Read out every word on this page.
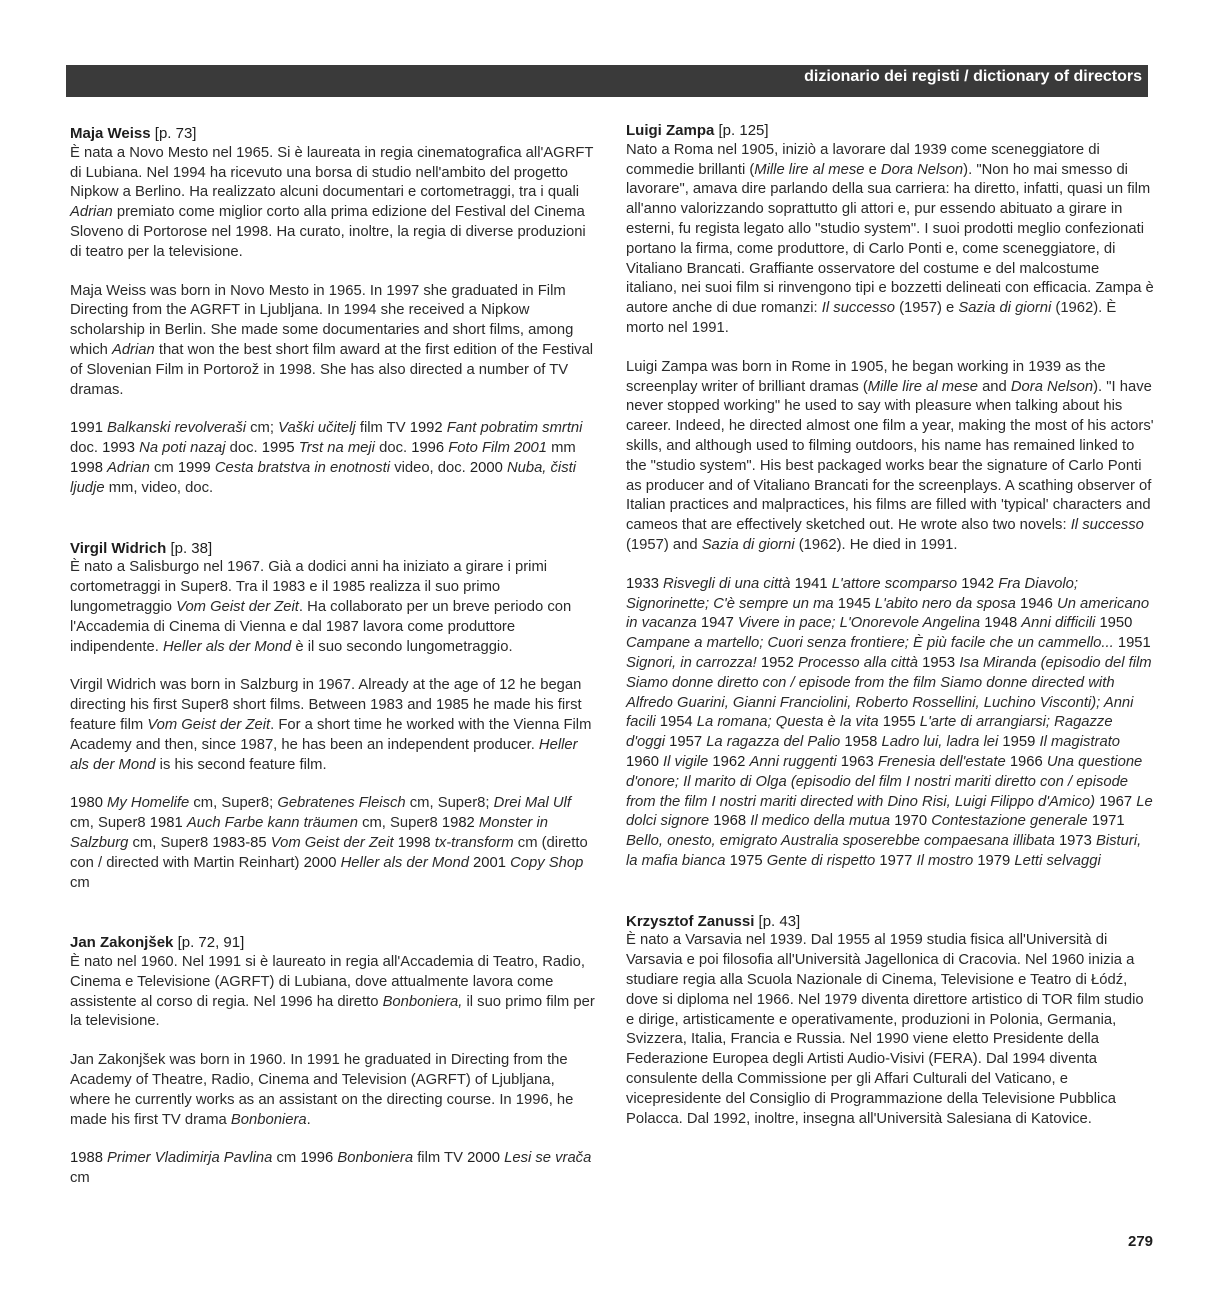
dizionario dei registi / dictionary of directors

Maja Weiss [p. 73]

È nata a Novo Mesto nel 1965. Si è laureata in regia cinematografica all'AGRFT di Lubiana. Nel 1994 ha ricevuto una borsa di studio nell'ambito del progetto Nipkow a Berlino. Ha realizzato alcuni documentari e cortometraggi, tra i quali Adrian premiato come miglior corto alla prima edizione del Festival del Cinema Sloveno di Portorose nel 1998. Ha curato, inoltre, la regia di diverse produzioni di teatro per la televisione.

Maja Weiss was born in Novo Mesto in 1965. In 1997 she graduated in Film Directing from the AGRFT in Ljubljana. In 1994 she received a Nipkow scholarship in Berlin. She made some documentaries and short films, among which Adrian that won the best short film award at the first edition of the Festival of Slovenian Film in Portorož in 1998. She has also directed a number of TV dramas.

1991 Balkanski revolveraši cm; Vaški učitelj film TV 1992 Fant pobratim smrtni doc. 1993 Na poti nazaj doc. 1995 Trst na meji doc. 1996 Foto Film 2001 mm 1998 Adrian cm 1999 Cesta bratstva in enotnosti video, doc. 2000 Nuba, čisti ljudje mm, video, doc.

Virgil Widrich [p. 38]

È nato a Salisburgo nel 1967. Già a dodici anni ha iniziato a girare i primi cortometraggi in Super8. Tra il 1983 e il 1985 realizza il suo primo lungometraggio Vom Geist der Zeit. Ha collaborato per un breve periodo con l'Accademia di Cinema di Vienna e dal 1987 lavora come produttore indipendente. Heller als der Mond è il suo secondo lungometraggio.

Virgil Widrich was born in Salzburg in 1967. Already at the age of 12 he began directing his first Super8 short films. Between 1983 and 1985 he made his first feature film Vom Geist der Zeit. For a short time he worked with the Vienna Film Academy and then, since 1987, he has been an independent producer. Heller als der Mond is his second feature film.

1980 My Homelife cm, Super8; Gebratenes Fleisch cm, Super8; Drei Mal Ulf cm, Super8 1981 Auch Farbe kann träumen cm, Super8 1982 Monster in Salzburg cm, Super8 1983-85 Vom Geist der Zeit 1998 tx-transform cm (diretto con / directed with Martin Reinhart) 2000 Heller als der Mond 2001 Copy Shop cm

Jan Zakonjšek [p. 72, 91]

È nato nel 1960. Nel 1991 si è laureato in regia all'Accademia di Teatro, Radio, Cinema e Televisione (AGRFT) di Lubiana, dove attualmente lavora come assistente al corso di regia. Nel 1996 ha diretto Bonboniera, il suo primo film per la televisione.

Jan Zakonjšek was born in 1960. In 1991 he graduated in Directing from the Academy of Theatre, Radio, Cinema and Television (AGRFT) of Ljubljana, where he currently works as an assistant on the directing course. In 1996, he made his first TV drama Bonboniera.

1988 Primer Vladimirja Pavlina cm 1996 Bonboniera film TV 2000 Lesi se vrača cm

Luigi Zampa [p. 125]

Nato a Roma nel 1905, iniziò a lavorare dal 1939 come sceneggiatore di commedie brillanti (Mille lire al mese e Dora Nelson). "Non ho mai smesso di lavorare", amava dire parlando della sua carriera: ha diretto, infatti, quasi un film all'anno valorizzando soprattutto gli attori e, pur essendo abituato a girare in esterni, fu regista legato allo "studio system". I suoi prodotti meglio confezionati portano la firma, come produttore, di Carlo Ponti e, come sceneggiatore, di Vitaliano Brancati. Graffiante osservatore del costume e del malcostume italiano, nei suoi film si rinvengono tipi e bozzetti delineati con efficacia. Zampa è autore anche di due romanzi: Il successo (1957) e Sazia di giorni (1962). È morto nel 1991.

Luigi Zampa was born in Rome in 1905, he began working in 1939 as the screenplay writer of brilliant dramas (Mille lire al mese and Dora Nelson). "I have never stopped working" he used to say with pleasure when talking about his career. Indeed, he directed almost one film a year, making the most of his actors' skills, and although used to filming outdoors, his name has remained linked to the "studio system". His best packaged works bear the signature of Carlo Ponti as producer and of Vitaliano Brancati for the screenplays. A scathing observer of Italian practices and malpractices, his films are filled with 'typical' characters and cameos that are effectively sketched out. He wrote also two novels: Il successo (1957) and Sazia di giorni (1962). He died in 1991.

1933 Risvegli di una città 1941 L'attore scomparso 1942 Fra Diavolo; Signorinette; C'è sempre un ma 1945 L'abito nero da sposa 1946 Un americano in vacanza 1947 Vivere in pace; L'Onorevole Angelina 1948 Anni difficili 1950 Campane a martello; Cuori senza frontiere; È più facile che un cammello... 1951 Signori, in carrozza! 1952 Processo alla città 1953 Isa Miranda (episodio del film Siamo donne diretto con / episode from the film Siamo donne directed with Alfredo Guarini, Gianni Franciolini, Roberto Rossellini, Luchino Visconti); Anni facili 1954 La romana; Questa è la vita 1955 L'arte di arrangiarsi; Ragazze d'oggi 1957 La ragazza del Palio 1958 Ladro lui, ladra lei 1959 Il magistrato 1960 Il vigile 1962 Anni ruggenti 1963 Frenesia dell'estate 1966 Una questione d'onore; Il marito di Olga (episodio del film I nostri mariti diretto con / episode from the film I nostri mariti directed with Dino Risi, Luigi Filippo d'Amico) 1967 Le dolci signore 1968 Il medico della mutua 1970 Contestazione generale 1971 Bello, onesto, emigrato Australia sposerebbe compaesana illibata 1973 Bisturi, la mafia bianca 1975 Gente di rispetto 1977 Il mostro 1979 Letti selvaggi

Krzysztof Zanussi [p. 43]

È nato a Varsavia nel 1939. Dal 1955 al 1959 studia fisica all'Università di Varsavia e poi filosofia all'Università Jagellonica di Cracovia. Nel 1960 inizia a studiare regia alla Scuola Nazionale di Cinema, Televisione e Teatro di Łódź, dove si diploma nel 1966. Nel 1979 diventa direttore artistico di TOR film studio e dirige, artisticamente e operativamente, produzioni in Polonia, Germania, Svizzera, Italia, Francia e Russia. Nel 1990 viene eletto Presidente della Federazione Europea degli Artisti Audio-Visivi (FERA). Dal 1994 diventa consulente della Commissione per gli Affari Culturali del Vaticano, e vicepresidente del Consiglio di Programmazione della Televisione Pubblica Polacca. Dal 1992, inoltre, insegna all'Università Salesiana di Katovice.

279
